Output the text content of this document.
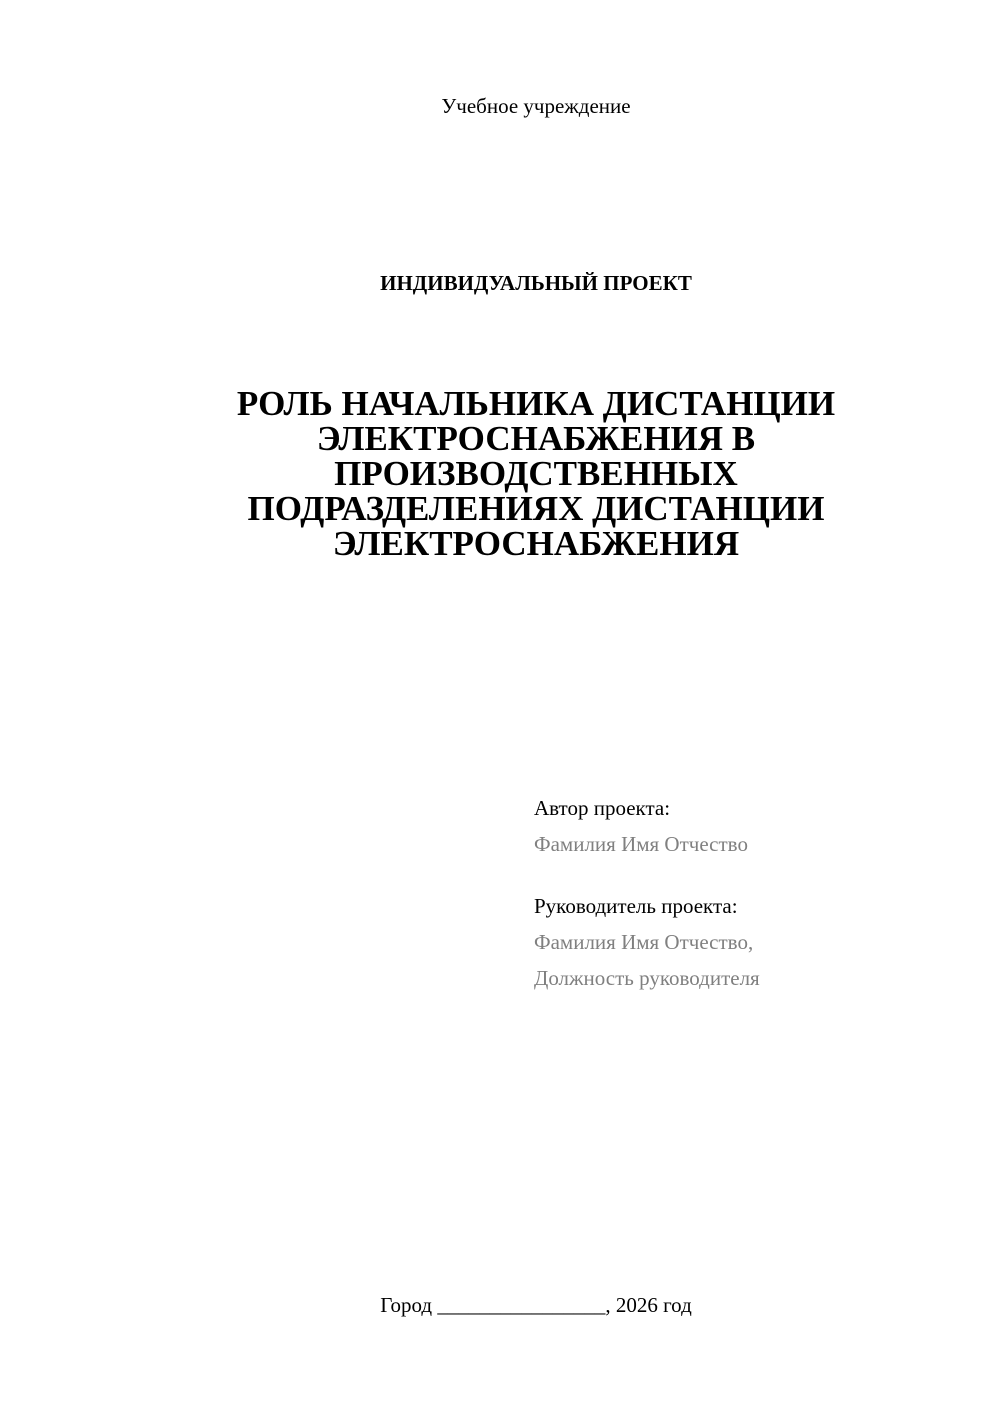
Учебное учреждение
ИНДИВИДУАЛЬНЫЙ ПРОЕКТ
РОЛЬ НАЧАЛЬНИКА ДИСТАНЦИИ
ЭЛЕКТРОСНАБЖЕНИЯ В
ПРОИЗВОДСТВЕННЫХ
ПОДРАЗДЕЛЕНИЯХ ДИСТАНЦИИ
ЭЛЕКТРОСНАБЖЕНИЯ
Автор проекта:
Фамилия Имя Отчество
Руководитель проекта:
Фамилия Имя Отчество,
Должность руководителя
Город ________________, 2026 год
